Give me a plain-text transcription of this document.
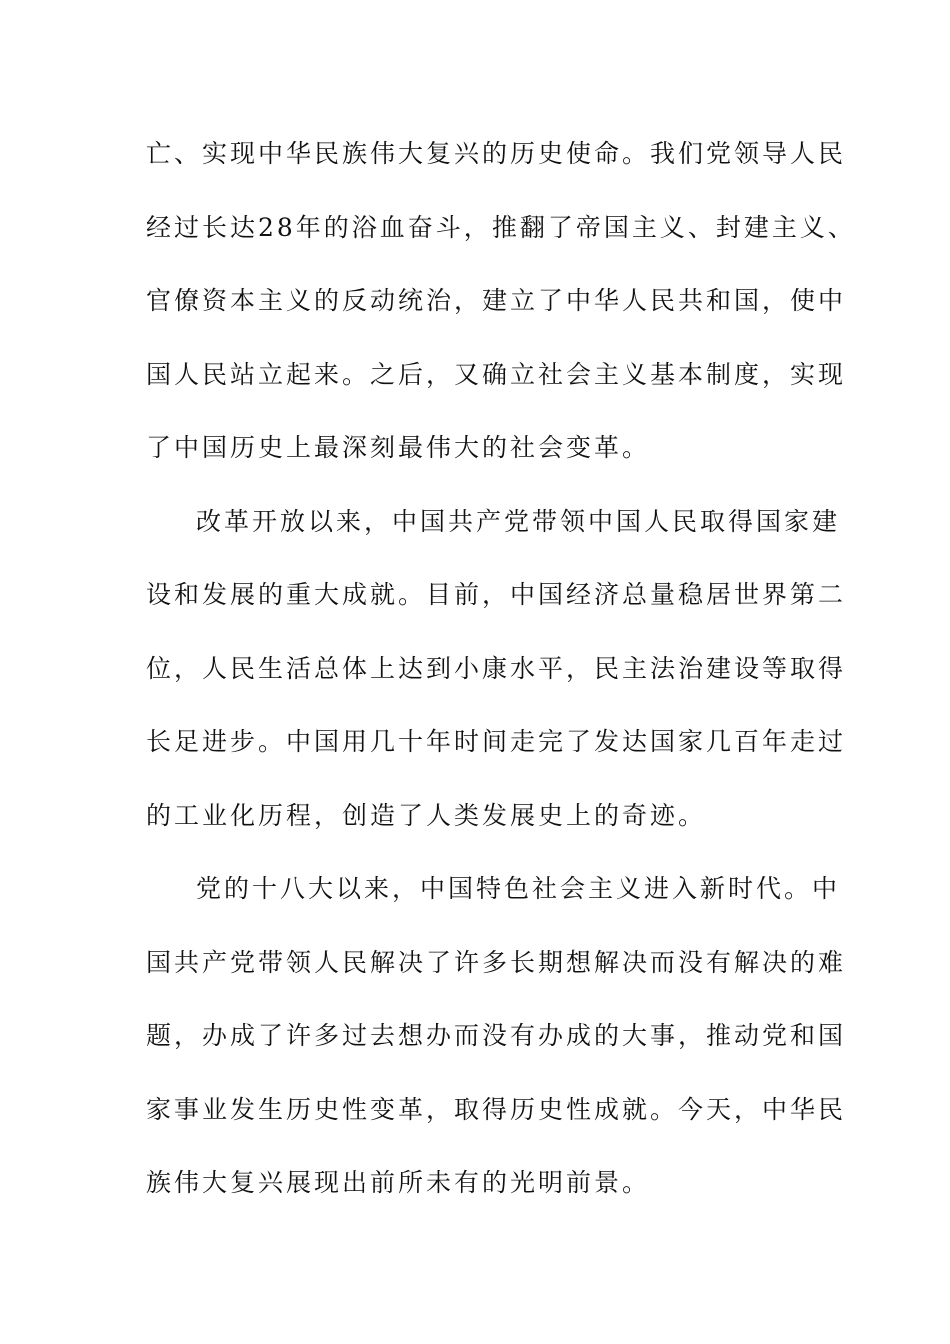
亡、实现中华民族伟大复兴的历史使命。我们党领导人民
经过长达28年的浴血奋斗，推翻了帝国主义、封建主义、
官僚资本主义的反动统治，建立了中华人民共和国，使中
国人民站立起来。之后，又确立社会主义基本制度，实现
了中国历史上最深刻最伟大的社会变革。
改革开放以来，中国共产党带领中国人民取得国家建
设和发展的重大成就。目前，中国经济总量稳居世界第二
位，人民生活总体上达到小康水平，民主法治建设等取得
长足进步。中国用几十年时间走完了发达国家几百年走过
的工业化历程，创造了人类发展史上的奇迹。
党的十八大以来，中国特色社会主义进入新时代。中
国共产党带领人民解决了许多长期想解决而没有解决的难
题，办成了许多过去想办而没有办成的大事，推动党和国
家事业发生历史性变革，取得历史性成就。今天，中华民
族伟大复兴展现出前所未有的光明前景。
